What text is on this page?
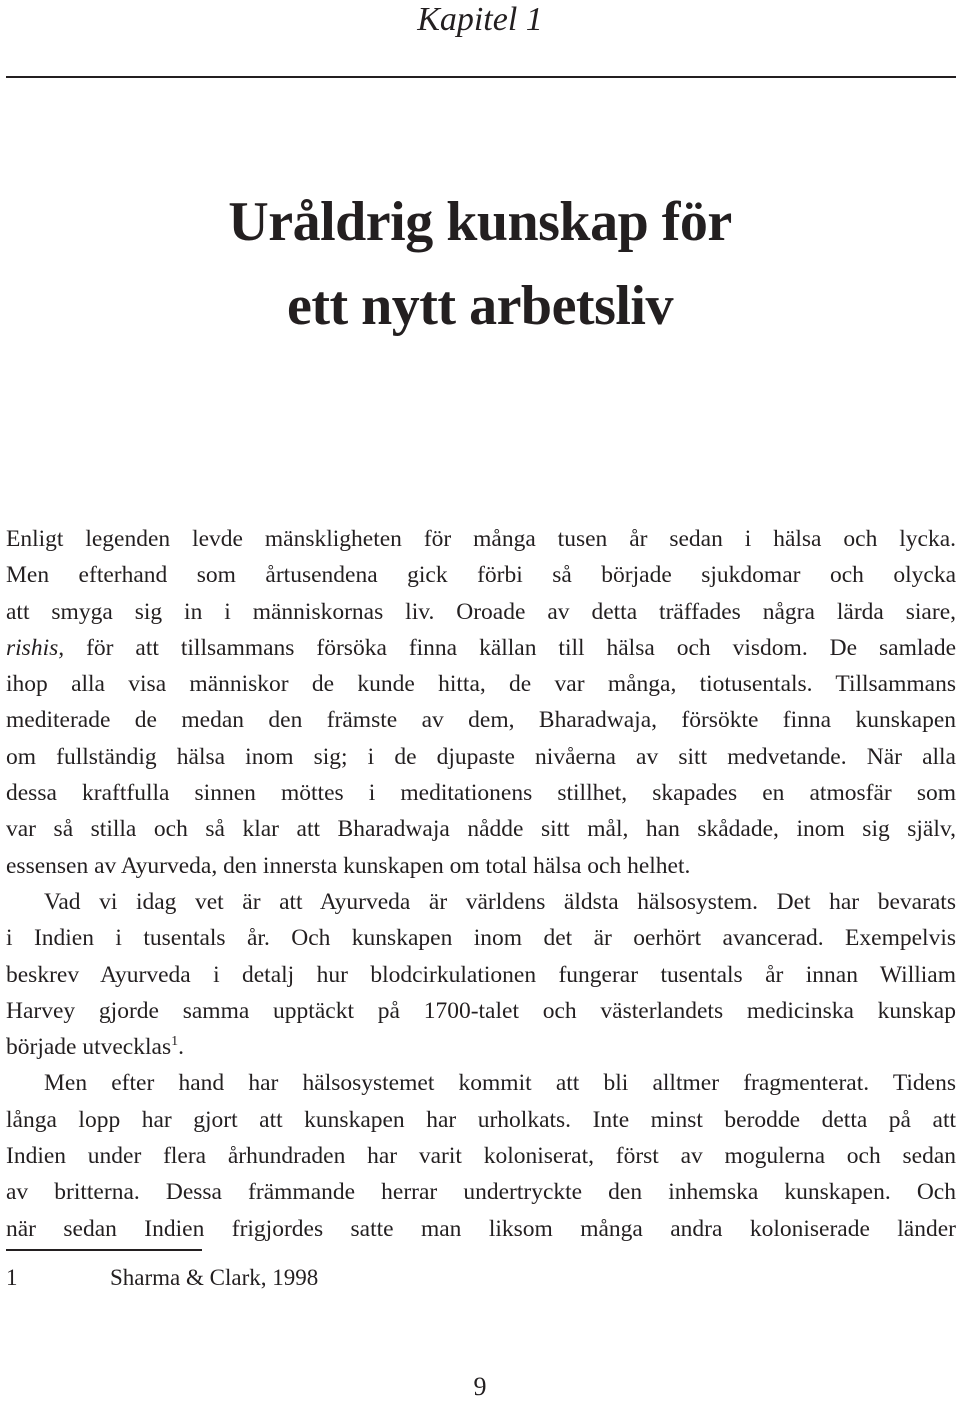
Kapitel 1
Uråldrig kunskap för
ett nytt arbetsliv

Enligt legenden levde mänskligheten för många tusen år sedan i hälsa och lycka.
Men efterhand som årtusendena gick förbi så började sjukdomar och olycka
att smyga sig in i människornas liv. Oroade av detta träffades några lärda siare,
rishis, för att tillsammans försöka finna källan till hälsa och visdom. De samlade
ihop alla visa människor de kunde hitta, de var många, tiotusentals. Tillsammans
mediterade de medan den främste av dem, Bharadwaja, försökte finna kunskapen
om fullständig hälsa inom sig; i de djupaste nivåerna av sitt medvetande. När alla
dessa kraftfulla sinnen möttes i meditationens stillhet, skapades en atmosfär som
var så stilla och så klar att Bharadwaja nådde sitt mål, han skådade, inom sig själv,
essensen av Ayurveda, den innersta kunskapen om total hälsa och helhet.

Vad vi idag vet är att Ayurveda är världens äldsta hälsosystem. Det har bevarats
i Indien i tusentals år. Och kunskapen inom det är oerhört avancerad. Exempelvis
beskrev Ayurveda i detalj hur blodcirkulationen fungerar tusentals år innan William
Harvey gjorde samma upptäckt på 1700-talet och västerlandets medicinska kunskap
började utvecklas$^1$.

Men efter hand har hälsosystemet kommit att bli alltmer fragmenterat. Tidens
långa lopp har gjort att kunskapen har urholkats. Inte minst berodde detta på att
Indien under flera århundraden har varit koloniserat, först av mogulerna och sedan
av britterna. Dessa främmande herrar undertryckte den inhemska kunskapen. Och
när sedan Indien frigjordes satte man liksom många andra koloniserade länder

1	Sharma & Clark, 1998
9
